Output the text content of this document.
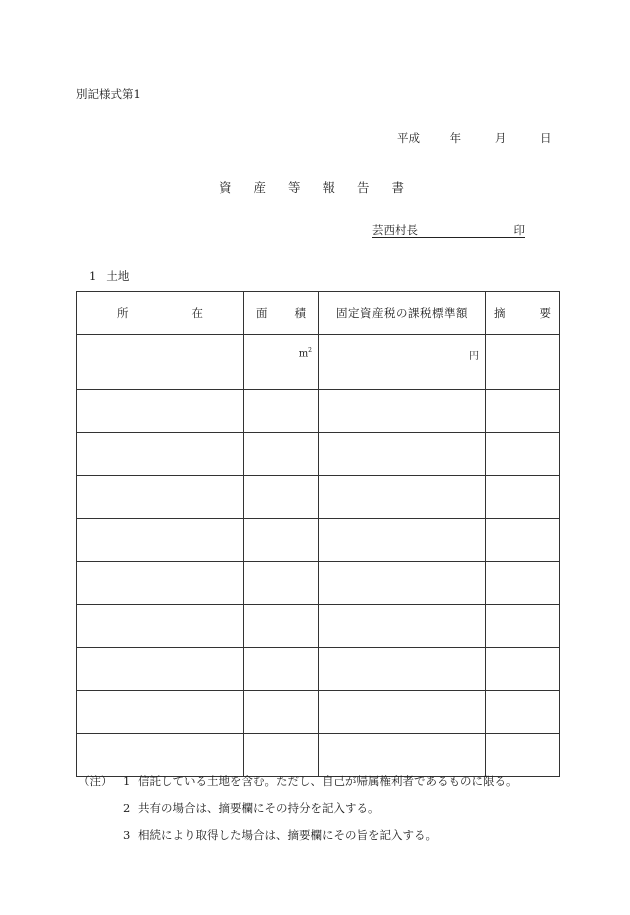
別記様式第1
平成	年	月	日
資 産 等 報 告 書
芸西村長	印
1 土地
所 在	面 積	固定資産税の課税標準額	摘 要

	$m^2$	円	

（注） 1 信託している土地を含む。ただし、自己が帰属権利者であるものに限る。
2 共有の場合は、摘要欄にその持分を記入する。
3 相続により取得した場合は、摘要欄にその旨を記入する。
